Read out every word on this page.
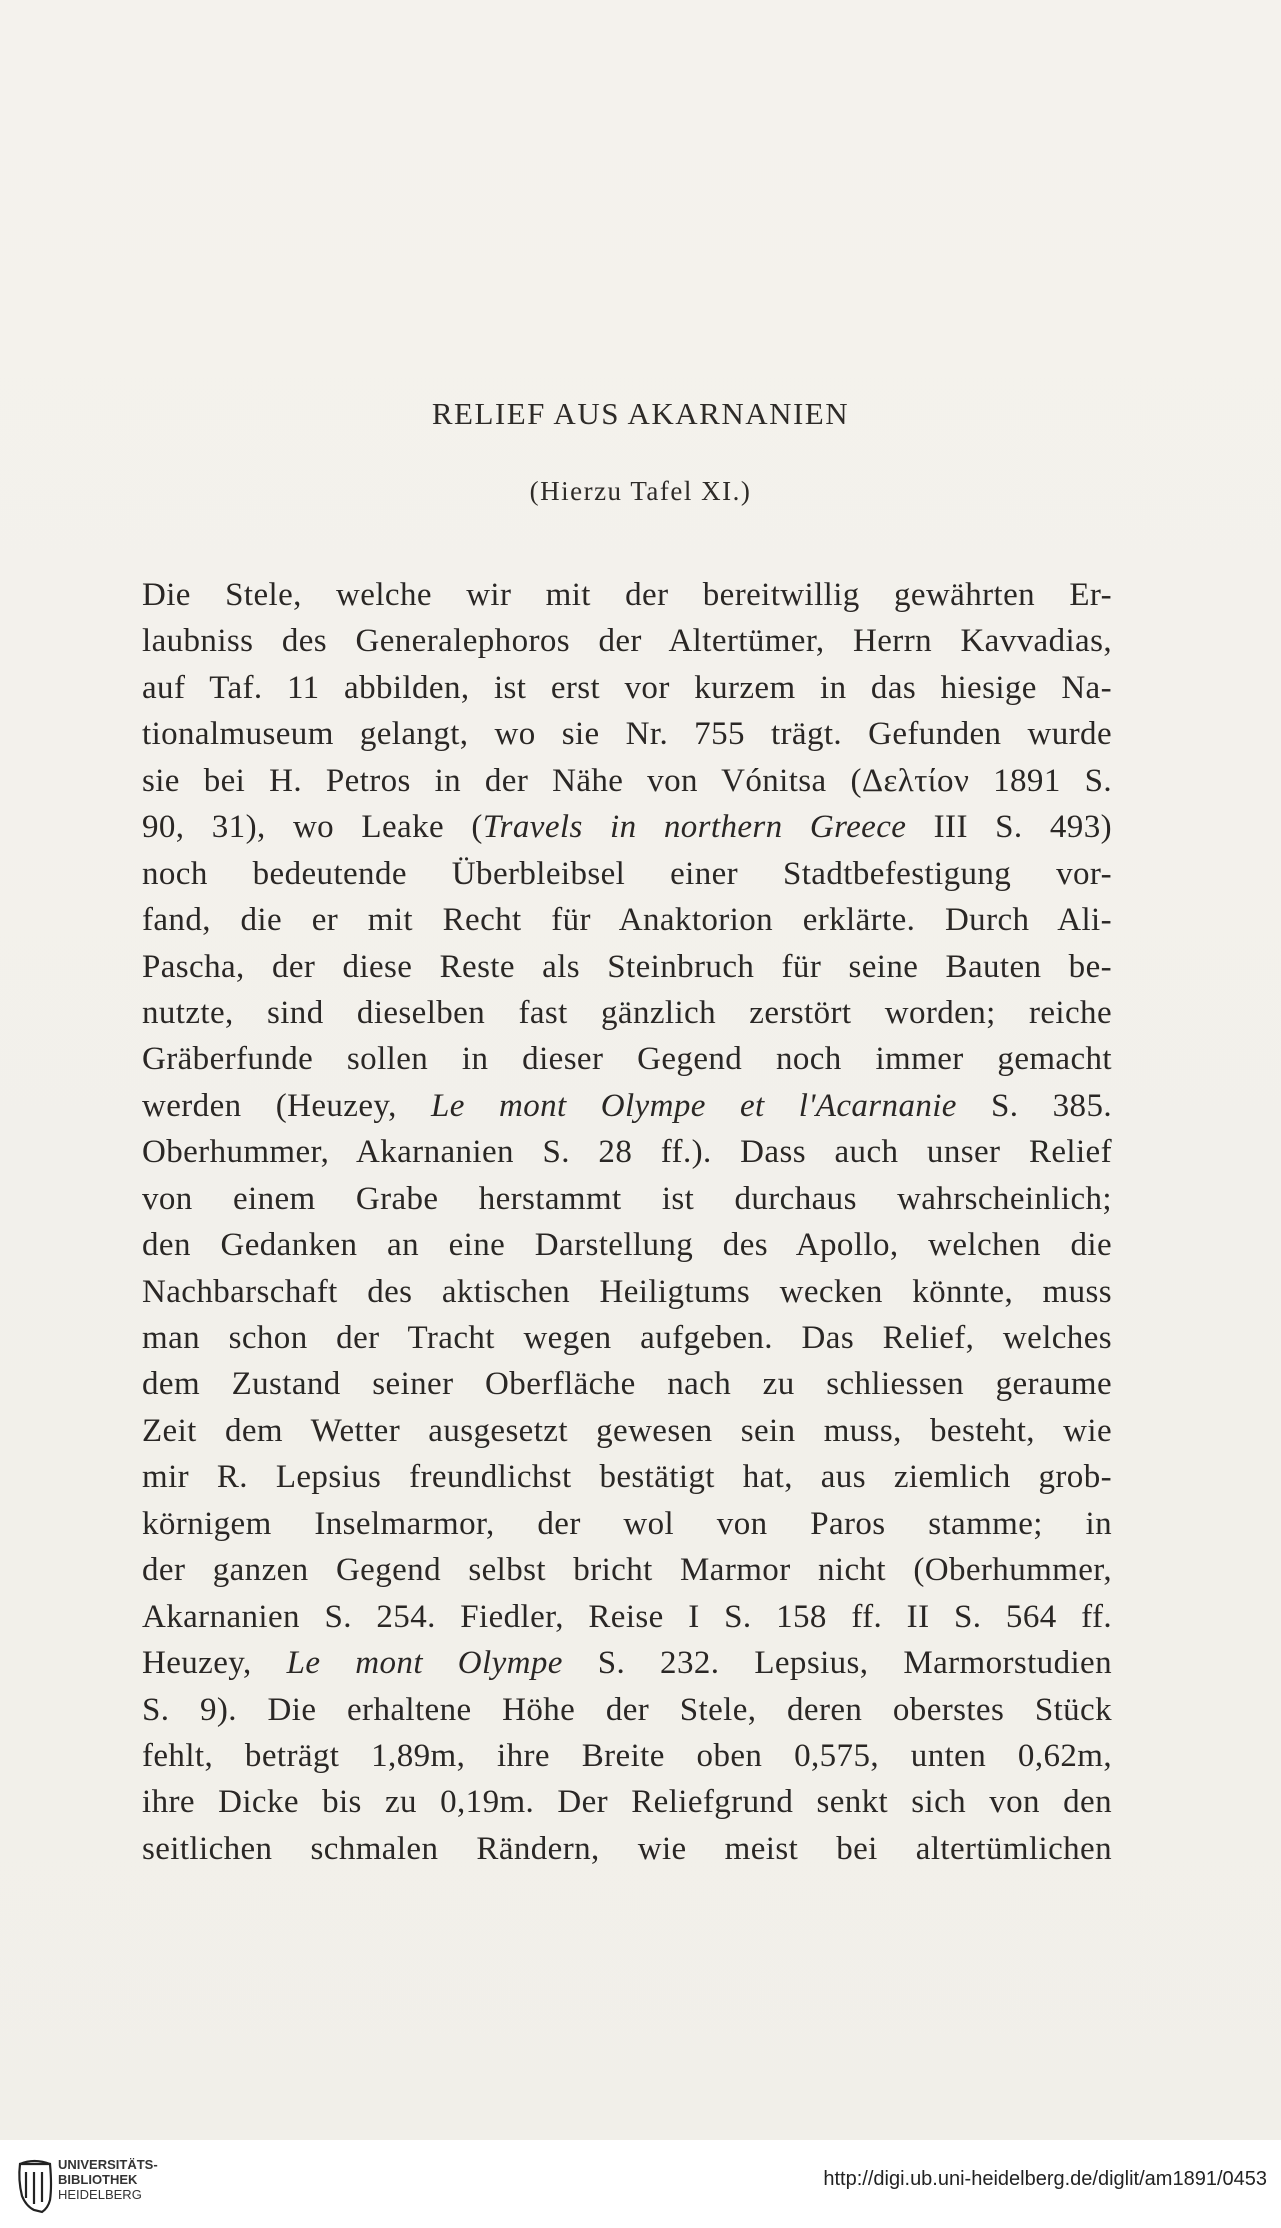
RELIEF AUS AKARNANIEN
(Hierzu Tafel XI.)
Die Stele, welche wir mit der bereitwillig gewährten Er-
laubniss des Generalephoros der Altertümer, Herrn Kavvadias,
auf Taf. 11 abbilden, ist erst vor kurzem in das hiesige Na-
tionalmuseum gelangt, wo sie Nr. 755 trägt. Gefunden wurde
sie bei H. Petros in der Nähe von Vónitsa (Δελτίον 1891 S.
90, 31), wo Leake (Travels in northern Greece III S. 493)
noch bedeutende Überbleibsel einer Stadtbefestigung vor-
fand, die er mit Recht für Anaktorion erklärte. Durch Ali-
Pascha, der diese Reste als Steinbruch für seine Bauten be-
nutzte, sind dieselben fast gänzlich zerstört worden; reiche
Gräberfunde sollen in dieser Gegend noch immer gemacht
werden (Heuzey, Le mont Olympe et l'Acarnanie S. 385.
Oberhummer, Akarnanien S. 28 ff.). Dass auch unser Relief
von einem Grabe herstammt ist durchaus wahrscheinlich;
den Gedanken an eine Darstellung des Apollo, welchen die
Nachbarschaft des aktischen Heiligtums wecken könnte, muss
man schon der Tracht wegen aufgeben. Das Relief, welches
dem Zustand seiner Oberfläche nach zu schliessen geraume
Zeit dem Wetter ausgesetzt gewesen sein muss, besteht, wie
mir R. Lepsius freundlichst bestätigt hat, aus ziemlich grob-
körnigem Inselmarmor, der wol von Paros stamme; in
der ganzen Gegend selbst bricht Marmor nicht (Oberhummer,
Akarnanien S. 254. Fiedler, Reise I S. 158 ff. II S. 564 ff.
Heuzey, Le mont Olympe S. 232. Lepsius, Marmorstudien
S. 9). Die erhaltene Höhe der Stele, deren oberstes Stück
fehlt, beträgt 1,89m, ihre Breite oben 0,575, unten 0,62m,
ihre Dicke bis zu 0,19m. Der Reliefgrund senkt sich von den
seitlichen schmalen Rändern, wie meist bei altertümlichen
UNIVERSITÄTS-
BIBLIOTHEK
HEIDELBERG
http://digi.ub.uni-heidelberg.de/diglit/am1891/0453
